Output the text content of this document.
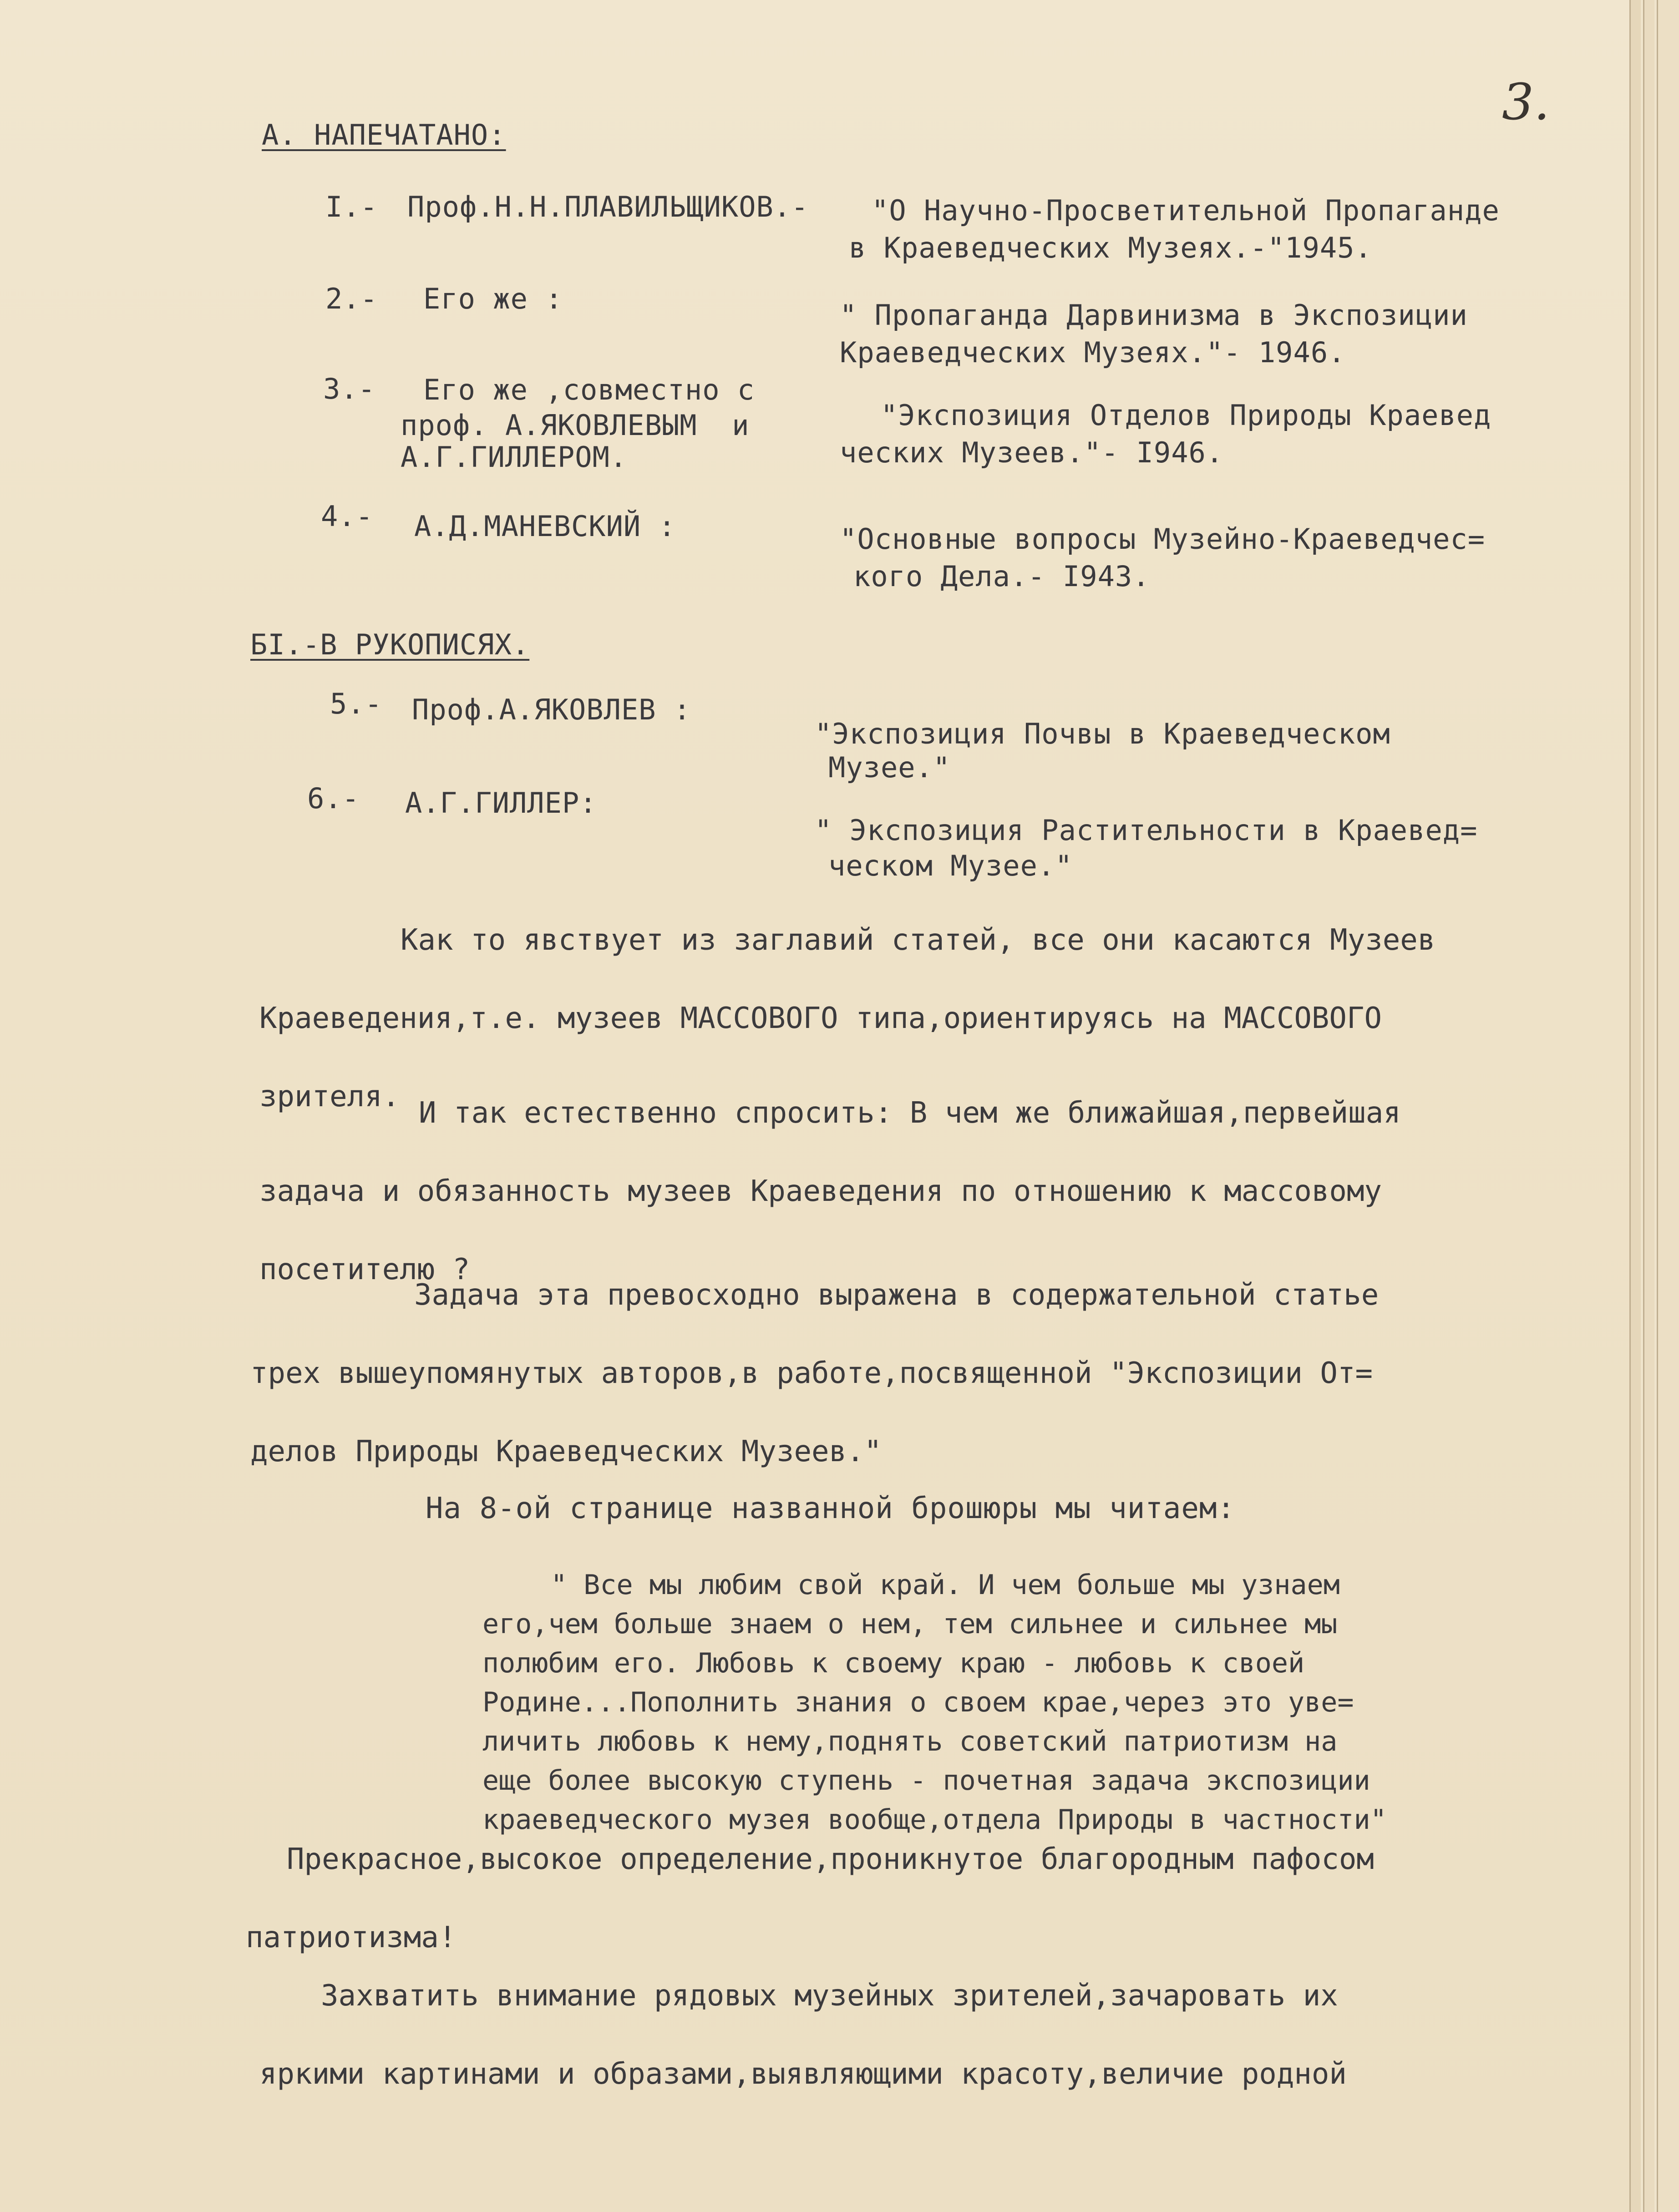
3.
А. НАПЕЧАТАНО:
I.- Проф.Н.Н.ПЛАВИЛЬЩИКОВ.- "О Научно-Просветительной Пропаганде
в Краеведческих Музеях.-"1945.
2.- Его же :	" Пропаганда Дарвинизма в Экспозиции
Краеведческих Музеях."- 1946.
3.- Его же ,совместно с
проф. А.ЯКОВЛЕВЫМ  и
А.Г.ГИЛЛЕРОМ.
"Экспозиция Отделов Природы Краевед
ческих Музеев."- I946.
4.- А.Д.МАНЕВСКИЙ :	"Основные вопросы Музейно-Краеведчес=
кого Дела.- I943.
БI.-В РУКОПИСЯХ.
5.- Проф.А.ЯКОВЛЕВ :
"Экспозиция Почвы в Краеведческом
Музее."
6.- А.Г.ГИЛЛЕР:
" Экспозиция Растительности в Краевед=
ческом Музее."
Как то явствует из заглавий статей, все они касаются Музеев
Краеведения,т.е. музеев МАССОВОГО типа,ориентируясь на МАССОВОГО
зрителя. И так естественно спросить: В чем же ближайшая,первейшая
задача и обязанность музеев Краеведения по отношению к массовому
посетителю ?
Задача эта превосходно выражена в содержательной статье
трех вышеупомянутых авторов,в работе,посвященной "Экспозиции От=
делов Природы Краеведческих Музеев."
На 8-ой странице названной брошюры мы читаем:
" Все мы любим свой край. И чем больше мы узнаем
его,чем больше знаем о нем, тем сильнее и сильнее мы
полюбим его. Любовь к своему краю - любовь к своей
Родине...Пополнить знания о своем крае,через это уве=
личить любовь к нему,поднять советский патриотизм на
еще более высокую ступень - почетная задача экспозиции
краеведческого музея вообще,отдела Природы в частности"
Прекрасное,высокое определение,проникнутое благородным пафосом
патриотизма!
Захватить внимание рядовых музейных зрителей,зачаровать их
яркими картинами и образами,выявляющими красоту,величие родной
